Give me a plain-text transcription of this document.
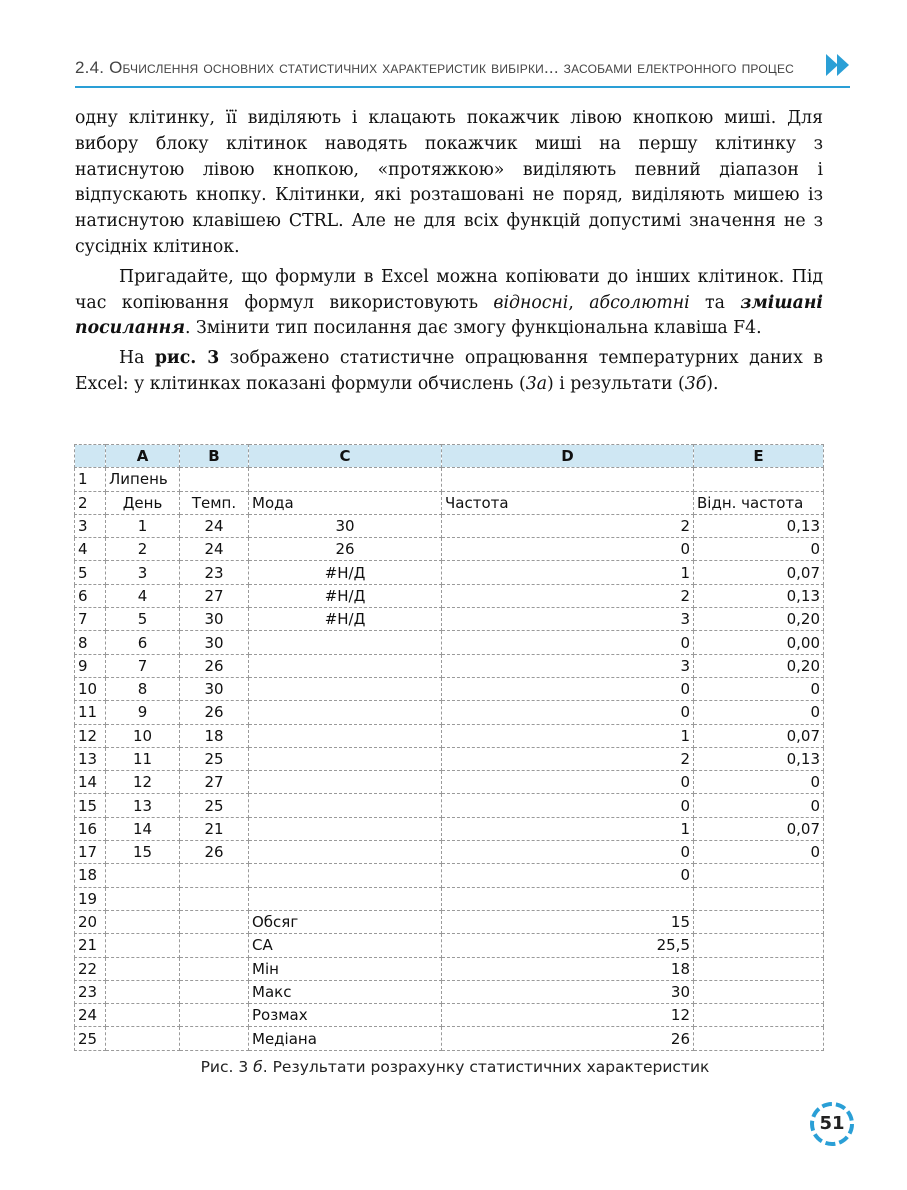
2.4. Обчислення основних статистичних характеристик вибірки... засобами електронного процес

одну клітинку, її виділяють і клацають покажчик лівою кнопкою миші. Для вибору блоку клітинок наводять покажчик миші на першу клітинку з натиснутою лівою кнопкою, «протяжкою» виділяють певний діапазон і відпускають кнопку. Клітинки, які розташовані не поряд, виділяють мишею із натиснутою клавішею CTRL. Але не для всіх функцій допустимі значення не з сусідніх клітинок.

Пригадайте, що формули в Excel можна копіювати до інших клітинок. Під час копіювання формул використовують відносні, абсолютні та змішані посилання. Змінити тип посилання дає змогу функціональна клавіша F4.

На рис. 3 зображено статистичне опрацювання температурних даних в Excel: у клітинках показані формули обчислень (3а) і результати (3б).

	A	B	C	D	E
1	Липень				
2	День	Темп.	Мода	Частота	Відн. частота
3	1	24	30	2	0,13
4	2	24	26	0	0
5	3	23	#Н/Д	1	0,07
6	4	27	#Н/Д	2	0,13
7	5	30	#Н/Д	3	0,20
8	6	30		0	0,00
9	7	26		3	0,20
10	8	30		0	0
11	9	26		0	0
12	10	18		1	0,07
13	11	25		2	0,13
14	12	27		0	0
15	13	25		0	0
16	14	21		1	0,07
17	15	26		0	0
18				0	
19					
20			Обсяг	15	
21			СА	25,5	
22			Мін	18	
23			Макс	30	
24			Розмах	12	
25			Медіана	26	
Рис. 3 б. Результати розрахунку статистичних характеристик
51
